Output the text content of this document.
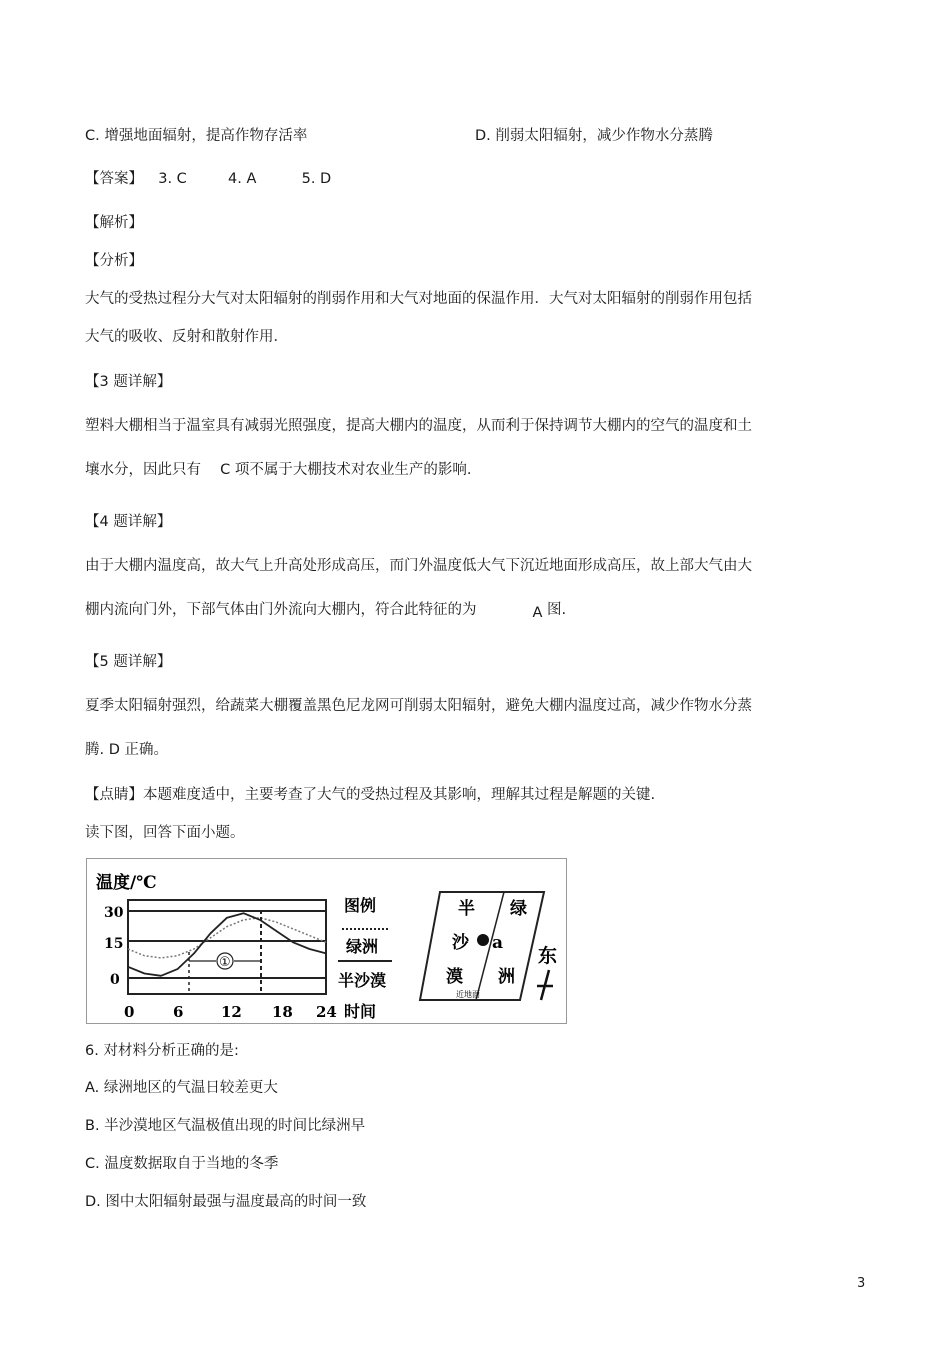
C. 增强地面辐射，提高作物存活率	D. 削弱太阳辐射，减少作物水分蒸腾
【答案】 3. C	4. A	5. D
【解析】
【分析】
大气的受热过程分大气对太阳辐射的削弱作用和大气对地面的保温作用．大气对太阳辐射的削弱作用包括
大气的吸收、反射和散射作用．
【3 题详解】
塑料大棚相当于温室具有减弱光照强度，提高大棚内的温度，从而利于保持调节大棚内的空气的温度和土
壤水分，因此只有　 C 项不属于大棚技术对农业生产的影响.
【4 题详解】
由于大棚内温度高，故大气上升高处形成高压，而门外温度低大气下沉近地面形成高压，故上部大气由大
棚内流向门外，下部气体由门外流向大棚内，符合此特征的为	A 图.
【5 题详解】
夏季太阳辐射强烈，给蔬菜大棚覆盖黑色尼龙网可削弱太阳辐射，避免大棚内温度过高，减少作物水分蒸
腾. D 正确。
【点睛】本题难度适中，主要考查了大气的受热过程及其影响，理解其过程是解题的关键.
读下图，回答下面小题。
温度/℃
30
15
0
①
0	6	12 18 24 时间
图例
绿洲
半沙漠
半
沙
漠
绿
洲
a
近地面
东
6. 对材料分析正确的是:
A. 绿洲地区的气温日较差更大
B. 半沙漠地区气温极值出现的时间比绿洲早
C. 温度数据取自于当地的冬季
D. 图中太阳辐射最强与温度最高的时间一致
3
